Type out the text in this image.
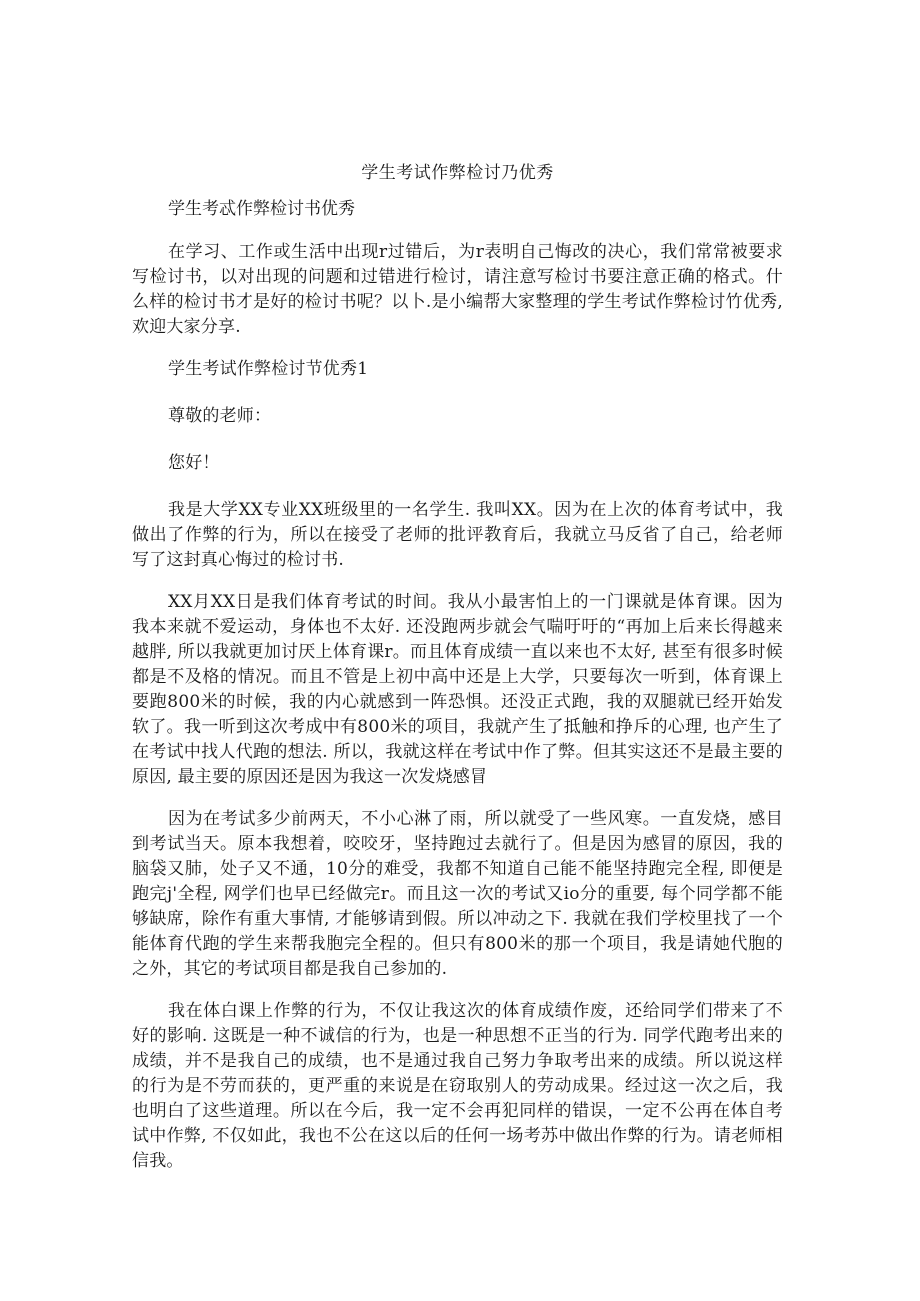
学生考试作弊检讨乃优秀
学生考忒作弊检讨书优秀

在学习、工作或生活中出现r过错后，为r表明自己悔改的决心，我们常常被要求写检讨书，以对出现的问题和过错进行检讨，请注意写检讨书要注意正确的格式。什么样的检讨书才是好的检讨书呢？以卜.是小编帮大家整理的学生考试作弊检讨竹优秀, 欢迎大家分享.

学生考试作弊检讨节优秀1

尊敬的老师：

您好！

我是大学XX专业XX班级里的一名学生. 我叫XX。因为在上次的体育考试中，我做出了作弊的行为，所以在接受了老师的批评教育后，我就立马反省了自己，给老师写了这封真心悔过的检讨书.

XX月XX日是我们体育考试的时间。我从小最害怕上的一门课就是体育课。因为我本来就不爱运动，身体也不太好. 还没跑两步就会气喘吁吁的“再加上后来长得越来越胖, 所以我就更加讨厌上体育课r。而且体育成绩一直以来也不太好, 甚至有很多时候都是不及格的情况。而且不管是上初中高中还是上大学，只要每次一听到，体育课上要跑800米的时候，我的内心就感到一阵恐惧。还没正式跑，我的双腿就已经开始发软了。我一听到这次考成中有800米的项目，我就产生了抵触和挣斥的心理, 也产生了在考试中找人代跑的想法. 所以，我就这样在考试中作了弊。但其实这还不是最主要的原因, 最主要的原因还是因为我这一次发烧感冒

因为在考试多少前两天，不小心淋了雨，所以就受了一些风寒。一直发烧，感目到考试当天。原本我想着，咬咬牙，坚持跑过去就行了。但是因为感冒的原因，我的脑袋又肺，处子又不通，10分的难受，我都不知道自己能不能坚持跑完全程, 即便是跑完j'全程, 网学们也早已经做完r。而且这一次的考试又io分的重要, 每个同学都不能够缺席，除作有重大事情, 才能够请到假。所以冲动之下. 我就在我们学校里找了一个能体育代跑的学生来帮我胞完全程的。但只有800米的那一个项目，我是请她代胞的之外，其它的考试项目都是我自己参加的.

我在体白课上作弊的行为，不仅让我这次的体育成绩作废，还给同学们带来了不好的影响. 这既是一种不诚信的行为，也是一种思想不正当的行为. 同学代跑考出来的成绩，并不是我自己的成绩，也不是通过我自己努力争取考出来的成绩。所以说这样的行为是不劳而获的，更严重的来说是在窃取别人的劳动成果。经过这一次之后，我也明白了这些道理。所以在今后，我一定不会再犯同样的错误，一定不公再在体自考试中作弊, 不仅如此，我也不公在这以后的任何一场考苏中做出作弊的行为。请老师相信我。
